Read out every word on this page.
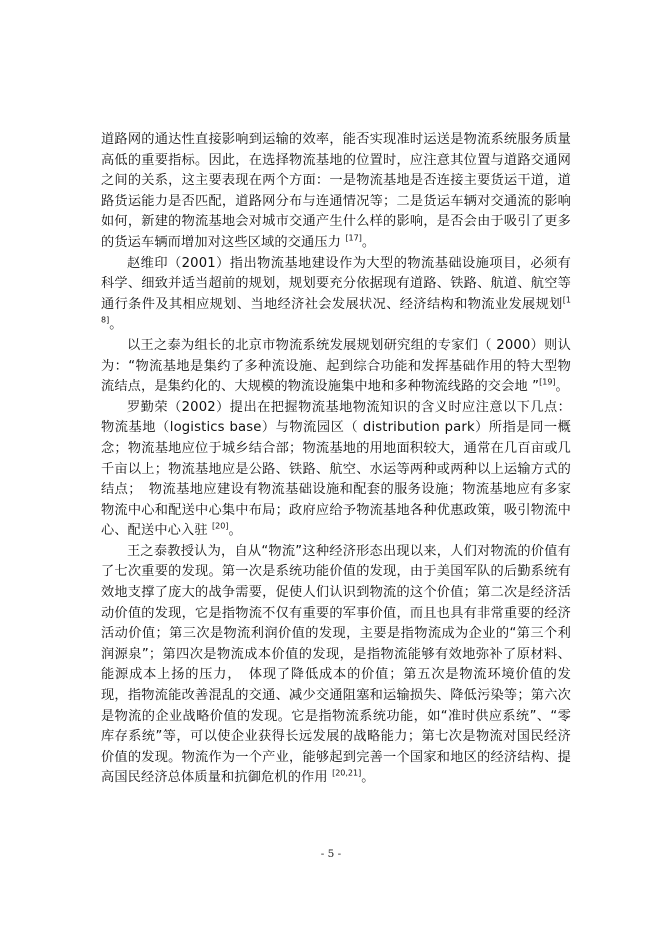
道路网的通达性直接影响到运输的效率，能否实现准时运送是物流系统服务质量高低的重要指标。因此，在选择物流基地的位置时，应注意其位置与道路交通网之间的关系，这主要表现在两个方面：一是物流基地是否连接主要货运干道，道路货运能力是否匹配，道路网分布与连通情况等；二是货运车辆对交通流的影响如何，新建的物流基地会对城市交通产生什么样的影响，是否会由于吸引了更多的货运车辆而增加对这些区域的交通压力 [17]。

赵维印（2001）指出物流基地建设作为大型的物流基础设施项目，必须有科学、细致并适当超前的规划，规划要充分依据现有道路、铁路、航道、航空等通行条件及其相应规划、当地经济社会发展状况、经济结构和物流业发展规划[18]。

以王之泰为组长的北京市物流系统发展规划研究组的专家们（ 2000）则认为：“物流基地是集约了多种流设施、起到综合功能和发挥基础作用的特大型物流结点，是集约化的、大规模的物流设施集中地和多种物流线路的交会地 ”[19]。

罗勤荣（2002）提出在把握物流基地物流知识的含义时应注意以下几点：物流基地（logistics base）与物流园区（ distribution park）所指是同一概念；物流基地应位于城乡结合部；物流基地的用地面积较大，通常在几百亩或几千亩以上；物流基地应是公路、铁路、航空、水运等两种或两种以上运输方式的结点；　物流基地应建设有物流基础设施和配套的服务设施；物流基地应有多家物流中心和配送中心集中布局；政府应给予物流基地各种优惠政策，吸引物流中心、配送中心入驻 [20]。

王之泰教授认为，自从“物流”这种经济形态出现以来，人们对物流的价值有了七次重要的发现。第一次是系统功能价值的发现，由于美国军队的后勤系统有效地支撑了庞大的战争需要，促使人们认识到物流的这个价值；第二次是经济活动价值的发现，它是指物流不仅有重要的军事价值，而且也具有非常重要的经济活动价值；第三次是物流利润价值的发现，主要是指物流成为企业的“第三个利润源泉”；第四次是物流成本价值的发现，是指物流能够有效地弥补了原材料、能源成本上扬的压力，　体现了降低成本的价值；第五次是物流环境价值的发现，指物流能改善混乱的交通、减少交通阻塞和运输损失、降低污染等；第六次是物流的企业战略价值的发现。它是指物流系统功能，如“准时供应系统”、“零库存系统”等，可以使企业获得长远发展的战略能力；第七次是物流对国民经济价值的发现。物流作为一个产业，能够起到完善一个国家和地区的经济结构、提高国民经济总体质量和抗御危机的作用 [20,21]。

- 5 -
